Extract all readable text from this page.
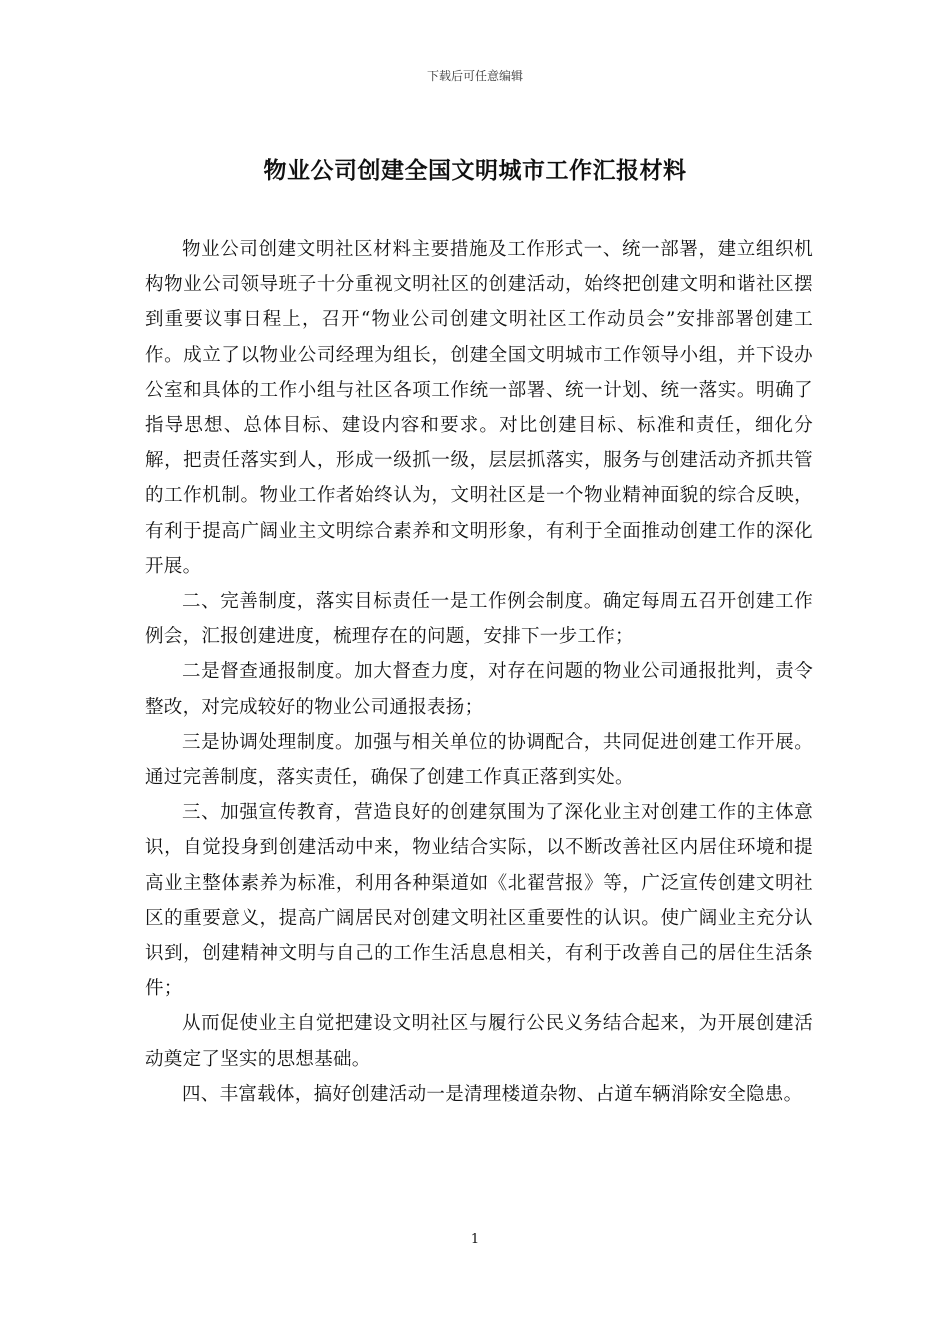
下载后可任意编辑
物业公司创建全国文明城市工作汇报材料

物业公司创建文明社区材料主要措施及工作形式一、统一部署，建立组织机构物业公司领导班子十分重视文明社区的创建活动，始终把创建文明和谐社区摆到重要议事日程上，召开“物业公司创建文明社区工作动员会”安排部署创建工作。成立了以物业公司经理为组长，创建全国文明城市工作领导小组，并下设办公室和具体的工作小组与社区各项工作统一部署、统一计划、统一落实。明确了指导思想、总体目标、建设内容和要求。对比创建目标、标准和责任，细化分解，把责任落实到人，形成一级抓一级，层层抓落实，服务与创建活动齐抓共管的工作机制。物业工作者始终认为，文明社区是一个物业精神面貌的综合反映，有利于提高广阔业主文明综合素养和文明形象，有利于全面推动创建工作的深化开展。

二、完善制度，落实目标责任一是工作例会制度。确定每周五召开创建工作例会，汇报创建进度，梳理存在的问题，安排下一步工作；

二是督查通报制度。加大督查力度，对存在问题的物业公司通报批判，责令整改，对完成较好的物业公司通报表扬；

三是协调处理制度。加强与相关单位的协调配合，共同促进创建工作开展。通过完善制度，落实责任，确保了创建工作真正落到实处。

三、加强宣传教育，营造良好的创建氛围为了深化业主对创建工作的主体意识，自觉投身到创建活动中来，物业结合实际，以不断改善社区内居住环境和提高业主整体素养为标准，利用各种渠道如《北翟营报》等，广泛宣传创建文明社区的重要意义，提高广阔居民对创建文明社区重要性的认识。使广阔业主充分认识到，创建精神文明与自己的工作生活息息相关，有利于改善自己的居住生活条件；

从而促使业主自觉把建设文明社区与履行公民义务结合起来，为开展创建活动奠定了坚实的思想基础。

四、丰富载体，搞好创建活动一是清理楼道杂物、占道车辆消除安全隐患。

1
